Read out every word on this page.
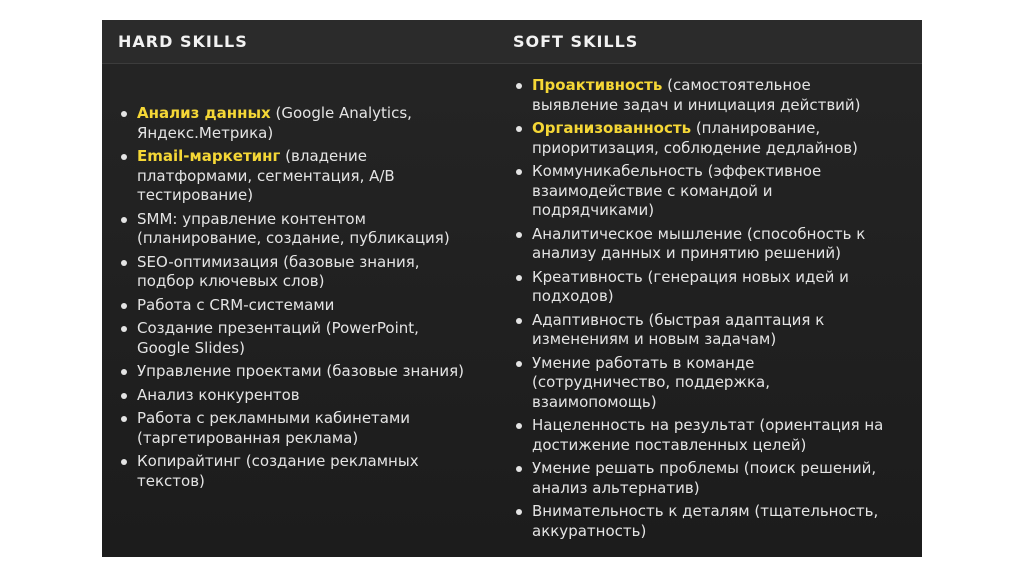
HARD SKILLS	SOFT SKILLS
Анализ данных (Google Analytics, Яндекс.Метрика)
Email-маркетинг (владение платформами, сегментация, A/B тестирование)
SMM: управление контентом (планирование, создание, публикация)
SEO-оптимизация (базовые знания, подбор ключевых слов)
Работа с CRM-системами
Создание презентаций (PowerPoint, Google Slides)
Управление проектами (базовые знания)
Анализ конкурентов
Работа с рекламными кабинетами (таргетированная реклама)
Копирайтинг (создание рекламных текстов)
Проактивность (самостоятельное выявление задач и инициация действий)
Организованность (планирование, приоритизация, соблюдение дедлайнов)
Коммуникабельность (эффективное взаимодействие с командой и подрядчиками)
Аналитическое мышление (способность к анализу данных и принятию решений)
Креативность (генерация новых идей и подходов)
Адаптивность (быстрая адаптация к изменениям и новым задачам)
Умение работать в команде (сотрудничество, поддержка, взаимопомощь)
Нацеленность на результат (ориентация на достижение поставленных целей)
Умение решать проблемы (поиск решений, анализ альтернатив)
Внимательность к деталям (тщательность, аккуратность)
